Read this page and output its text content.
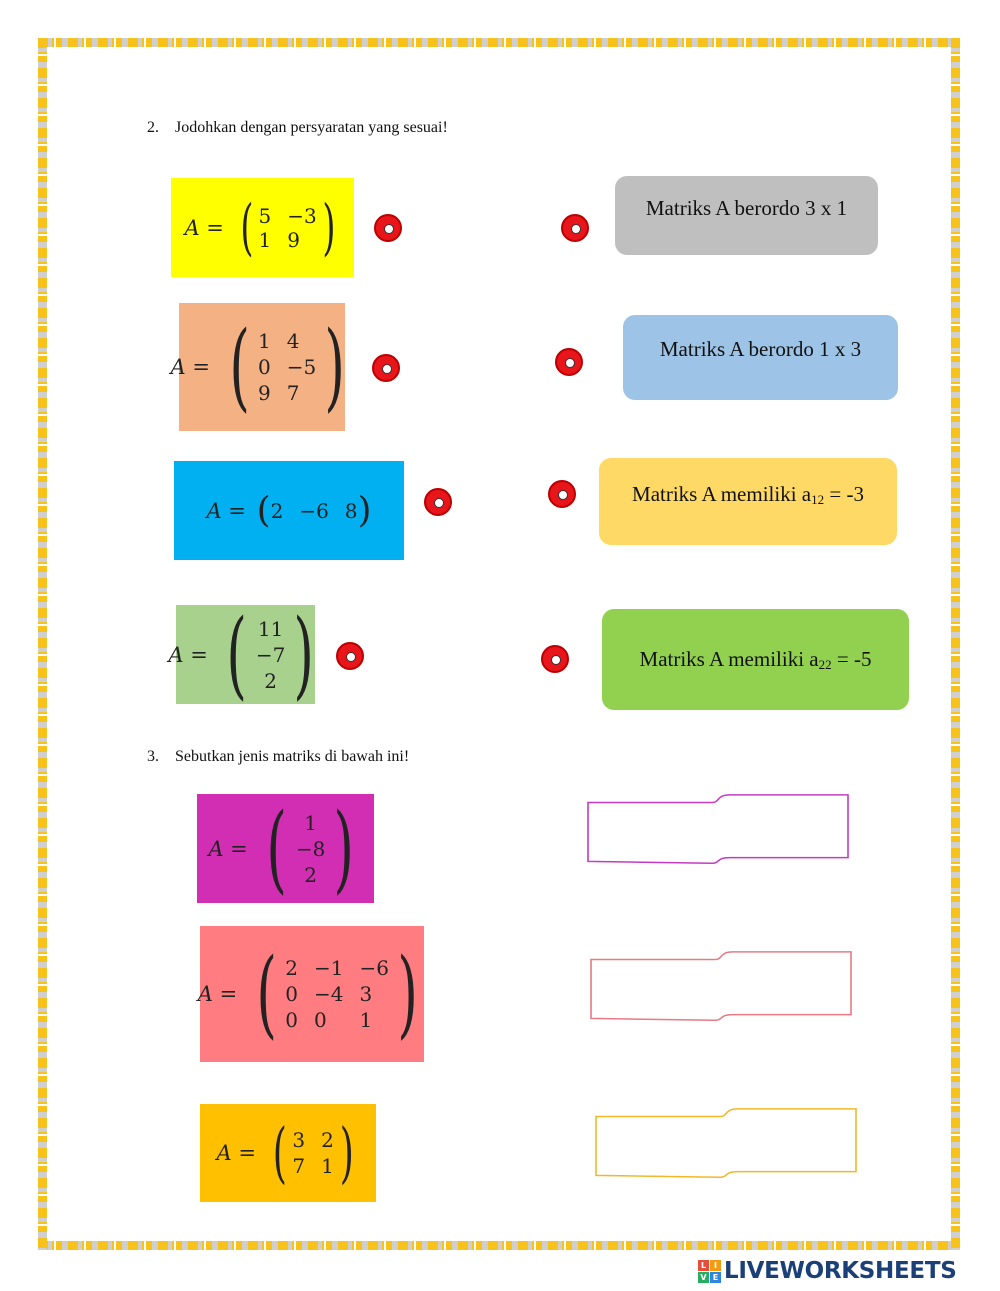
2. Jodohkan dengan persyaratan yang sesuai!
A = ( 5 −3
1 9 )
A = ( 1 4
0 −5
9 7 )
A = ( 2 −6 8 )
A = ( 11
−7
2 )
Matriks A berordo 3 x 1
Matriks A berordo 1 x 3
Matriks A memiliki $a_{12} = -3$
Matriks A memiliki $a_{22} = -5$
3. Sebutkan jenis matriks di bawah ini!
A = ( 1
−8
2 )
A = ( 2 −1 −6
0 −4 3
0 0	1 )
A = ( 3 2
7 1 )
L I
V E LIVEWORKSHEETS
